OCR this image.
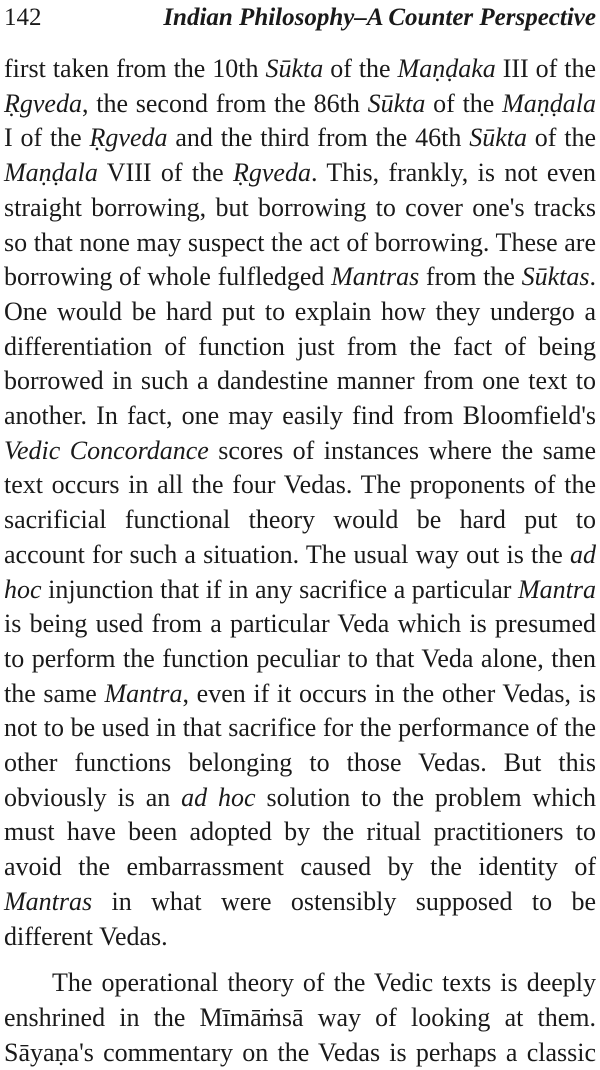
142	Indian Philosophy–A Counter Perspective

first taken from the 10th Sūkta of the Maṇḍaka III of the Ṛgveda, the second from the 86th Sūkta of the Maṇḍala I of the Ṛgveda and the third from the 46th Sūkta of the Maṇḍala VIII of the Ṛgveda. This, frankly, is not even straight borrowing, but borrowing to cover one's tracks so that none may suspect the act of borrowing. These are borrowing of whole fulfledged Mantras from the Sūktas. One would be hard put to explain how they undergo a differentiation of function just from the fact of being borrowed in such a dandestine manner from one text to another. In fact, one may easily find from Bloomfield's Vedic Concordance scores of instances where the same text occurs in all the four Vedas. The proponents of the sacrificial functional theory would be hard put to account for such a situation. The usual way out is the ad hoc injunction that if in any sacrifice a particular Mantra is being used from a particular Veda which is presumed to perform the function peculiar to that Veda alone, then the same Mantra, even if it occurs in the other Vedas, is not to be used in that sacrifice for the performance of the other functions belonging to those Vedas. But this obviously is an ad hoc solution to the problem which must have been adopted by the ritual practitioners to avoid the embarrassment caused by the identity of Mantras in what were ostensibly supposed to be different Vedas.

The operational theory of the Vedic texts is deeply enshrined in the Mīmāṁsā way of looking at them. Sāyaṇa's commentary on the Vedas is perhaps a classic
